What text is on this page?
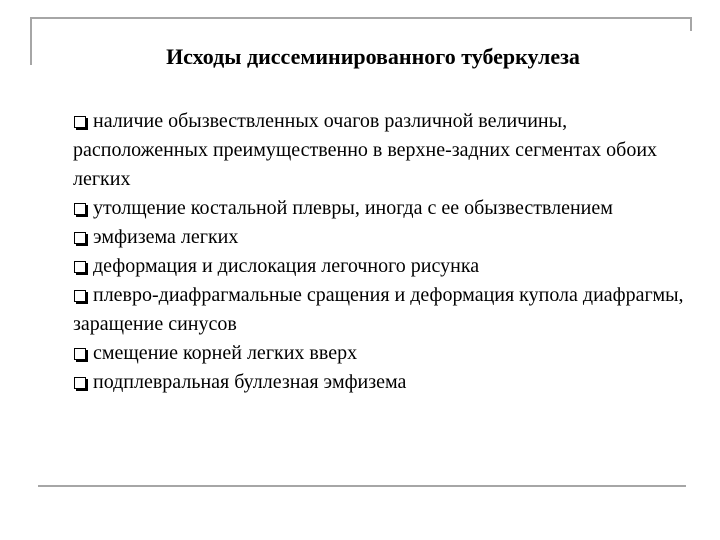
Исходы диссеминированного туберкулеза

наличие обызвествленных очагов различной величины, расположенных преимущественно в верхне-задних сегментах обоих легких

утолщение костальной плевры, иногда с ее обызвествлением

эмфизема легких

деформация и дислокация легочного рисунка

плевро-диафрагмальные сращения и деформация купола диафрагмы, заращение синусов

смещение корней легких вверх

подплевральная буллезная эмфизема
